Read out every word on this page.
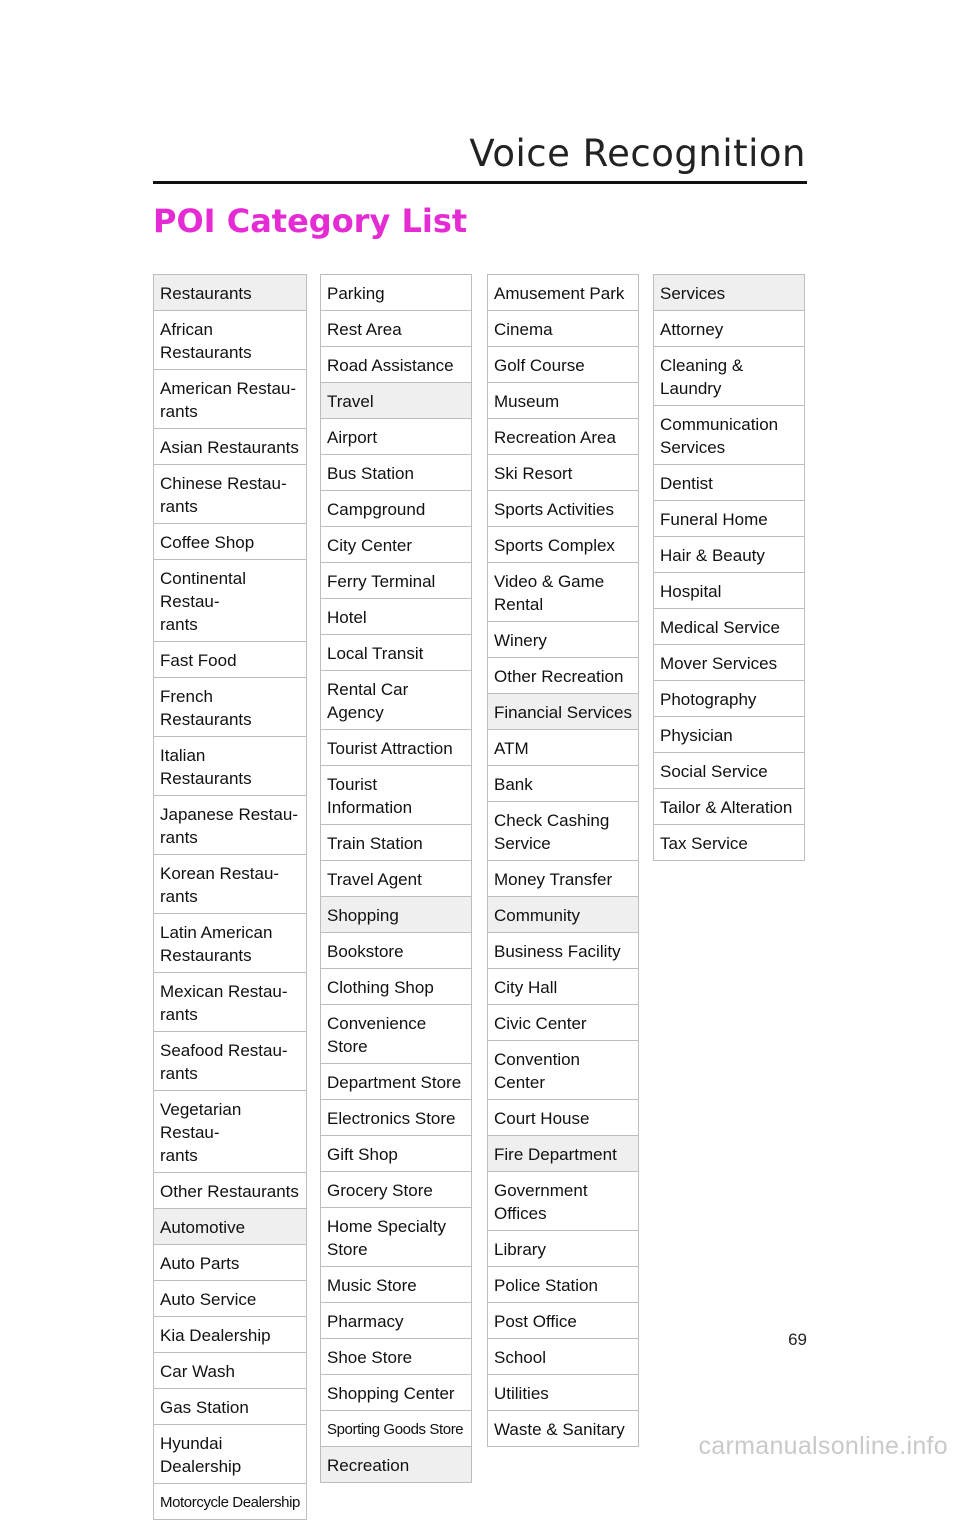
Voice Recognition
POI Category List
Restaurants
African Restaurants
American Restau-
rants
Asian Restaurants
Chinese Restau-
rants
Coffee Shop
Continental Restau-
rants
Fast Food
French Restaurants
Italian Restaurants
Japanese Restau-
rants
Korean Restau-
rants
Latin American
Restaurants
Mexican Restau-
rants
Seafood Restau-
rants
Vegetarian Restau-
rants
Other Restaurants
Automotive
Auto Parts
Auto Service
Kia Dealership
Car Wash
Gas Station
Hyundai Dealership
Motorcycle Dealership
Parking
Rest Area
Road Assistance
Travel
Airport
Bus Station
Campground
City Center
Ferry Terminal
Hotel
Local Transit
Rental Car Agency
Tourist Attraction
Tourist Information
Train Station
Travel Agent
Shopping
Bookstore
Clothing Shop
Convenience Store
Department Store
Electronics Store
Gift Shop
Grocery Store
Home Specialty
Store
Music Store
Pharmacy
Shoe Store
Shopping Center
Sporting Goods Store
Recreation
Amusement Park
Cinema
Golf Course
Museum
Recreation Area
Ski Resort
Sports Activities
Sports Complex
Video & Game
Rental
Winery
Other Recreation
Financial Services
ATM
Bank
Check Cashing
Service
Money Transfer
Community
Business Facility
City Hall
Civic Center
Convention Center
Court House
Fire Department
Government Offices
Library
Police Station
Post Office
School
Utilities
Waste & Sanitary
Services
Attorney
Cleaning & Laundry
Communication
Services
Dentist
Funeral Home
Hair & Beauty
Hospital
Medical Service
Mover Services
Photography
Physician
Social Service
Tailor & Alteration
Tax Service
69
carmanualsonline.info
